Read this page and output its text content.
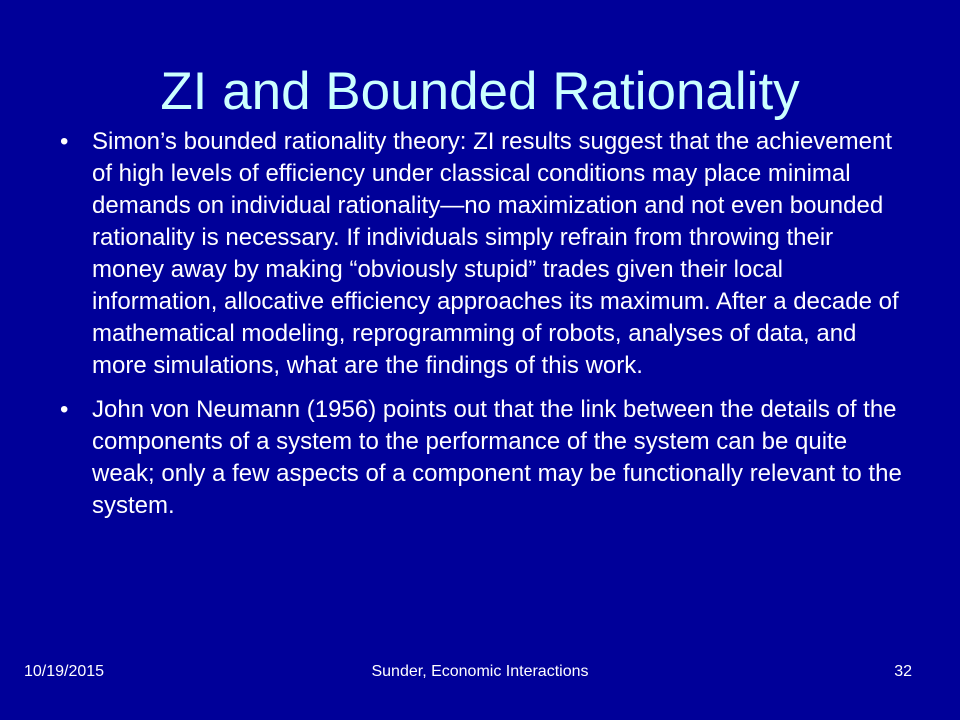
ZI and Bounded Rationality
• Simon’s bounded rationality theory: ZI results suggest that the achievement of high levels of efficiency under classical conditions may place minimal demands on individual rationality—no maximization and not even bounded rationality is necessary. If individuals simply refrain from throwing their money away by making “obviously stupid” trades given their local information, allocative efficiency approaches its maximum. After a decade of mathematical modeling, reprogramming of robots, analyses of data, and more simulations, what are the findings of this work.
• John von Neumann (1956) points out that the link between the details of the components of a system to the performance of the system can be quite weak; only a few aspects of a component may be functionally relevant to the system.
10/19/2015	Sunder, Economic Interactions	32
